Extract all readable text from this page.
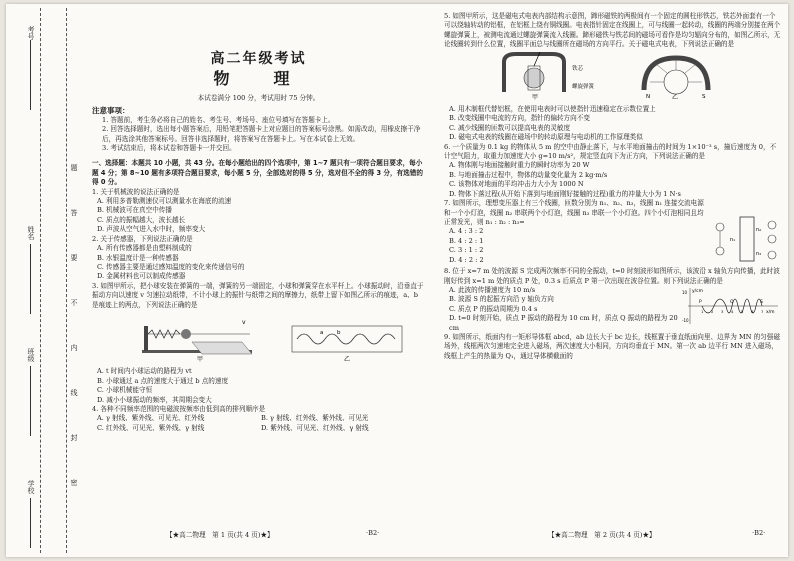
考号
姓名
班级
学校
题
答
要
不
内
线
封
密

高二年级考试

物　理

本试卷满分 100 分，考试用时 75 分钟。

注意事项：

1. 答题前，考生务必将自己的姓名、考生号、考场号、座位号填写在答题卡上。

2. 回答选择题时，选出每小题答案后，用铅笔把答题卡上对应题目的答案标号涂黑。如需改动，用橡皮擦干净后，再选涂其他答案标号。回答非选择题时，将答案写在答题卡上。写在本试卷上无效。

3. 考试结束后，将本试卷和答题卡一并交回。

一、选择题：本题共 10 小题，共 43 分。在每小题给出的四个选项中，第 1~7 题只有一项符合题目要求，每小题 4 分；第 8~10 题有多项符合题目要求，每小题 5 分，全部选对的得 5 分，选对但不全的得 3 分，有选错的得 0 分。

1. 关于机械波的说法正确的是

A. 利用多普勒测速仪可以测量水在海底的流速

B. 机械波可在真空中传播

C. 质点的振幅越大，波长越长

D. 声波从空气进入水中时，频率变大

2. 关于传感器，下列说法正确的是

A. 所有传感器都是由塑料制成的

B. 水银温度计是一种传感器

C. 传感器主要是通过感知温度的变化来传递信号的

D. 金属材料也可以制成传感器

3. 如图甲所示，把小球安装在弹簧的一端，弹簧的另一端固定，小球和弹簧穿在水平杆上。小球振动时，沿垂直于振动方向以速度 v 匀速拉动纸带，不计小球上的振针与纸带之间的摩擦力，纸带上留下如图乙所示的痕迹，a、b 是痕迹上的两点，下列说法正确的是

v
甲
a b
乙

A. t 时间内小球运动的路程为 vt

B. 小球通过 a 点的速度大于通过 b 点的速度

C. 小球机械能守恒

D. 减小小球振动的频率，其周期会变大

4. 各种不同频率范围的电磁波按频率由低到高的排列顺序是

A. γ 射线、紫外线、可见光、红外线	B. γ 射线、红外线、紫外线、可见光
C. 红外线、可见光、紫外线、γ 射线	D. 紫外线、可见光、红外线、γ 射线
【★高二物理　第 1 页(共 4 页)★】	·B2·

5. 如图甲所示，这是磁电式电表内部结构示意图，蹄形磁铁的两极间有一个固定的圆柱形铁芯，铁芯外面套有一个可以绕轴转动的铝框，在铝框上绕有铜线圈。电表指针固定在线圈上，可与线圈一起转动，线圈的两端分别接在两个螺旋弹簧上，被测电流通过螺旋弹簧流入线圈。蹄形磁铁与铁芯间的磁场可看作是均匀辐向分布的，如图乙所示，无论线圈转到什么位置，线圈平面总与线圈所在磁场的方向平行。关于磁电式电表，下列说法正确的是

铁芯
螺旋弹簧
甲	N	S
乙

A. 用木制框代替铝框，在使用电表时可以使指针迅速稳定在示数位置上

B. 改变线圈中电流的方向，指针的偏转方向不变

C. 减少线圈的匝数可以提高电表的灵敏度

D. 磁电式电表的线圈在磁场中的转动原理与电动机的工作原理类似

6. 一个质量为 0.1 kg 的物体从 5 m 的空中由静止落下，与水平地面撞击的时间为 1×10⁻³ s，撞后速度为 0，不计空气阻力，取重力加速度大小 g=10 m/s²，规定竖直向下为正方向，下列说法正确的是

A. 物体刚与地面接触时重力的瞬时功率为 20 W

B. 与地面撞击过程中，物体的动量变化量为 2 kg·m/s

C. 该物体对地面的平均冲击力大小为 1000 N

D. 物体下落过程(从开始下落到与地面刚好接触的过程)重力的冲量大小为 1 N·s

7. 如图所示，理想变压器上有三个线圈，匝数分别为 n₁、n₂、n₃，线圈 n₁ 连接交流电源和一个小灯泡，线圈 n₂ 串联两个小灯泡，线圈 n₃ 串联一个小灯泡。四个小灯泡相同且均正常发光，则 n₁ : n₂ : n₃=

A. 4 : 3 : 2

B. 4 : 2 : 1

C. 3 : 1 : 2

D. 4 : 2 : 2

n₁
n₂
n₃

8. 位于 x=7 m 处的波源 S 完成两次频率不同的全振动，t=0 时刻波形如图所示，该波沿 x 轴负方向传播，此时波刚好传到 x=1 m 处的质点 P 处，0.3 s 后质点 P 第一次出现在波谷位置。则下列说法正确的是

A. 此波的传播速度为 10 m/s

B. 波源 S 的起振方向沿 y 轴负方向

C. 质点 P 的振动周期为 0.4 s

D. t=0 时刻开始，质点 P 振动的路程为 10 cm 时，质点 Q 振动的路程为 20 cm

y/cm
x/m
10
-10
P	Q	S
1 2 3 4 5 6 7

9. 如图所示，纸面内有一矩形导体框 abcd，ab 边长大于 bc 边长，线框置于垂直纸面向里、边界为 MN 的匀强磁场外，线框两次匀速地完全进入磁场，两次速度大小相同，方向均垂直于 MN。第一次 ab 边平行 MN 进入磁场，线框上产生的热量为 Q₁，通过导体横截面的

【★高二物理　第 2 页(共 4 页)★】	·B2·
